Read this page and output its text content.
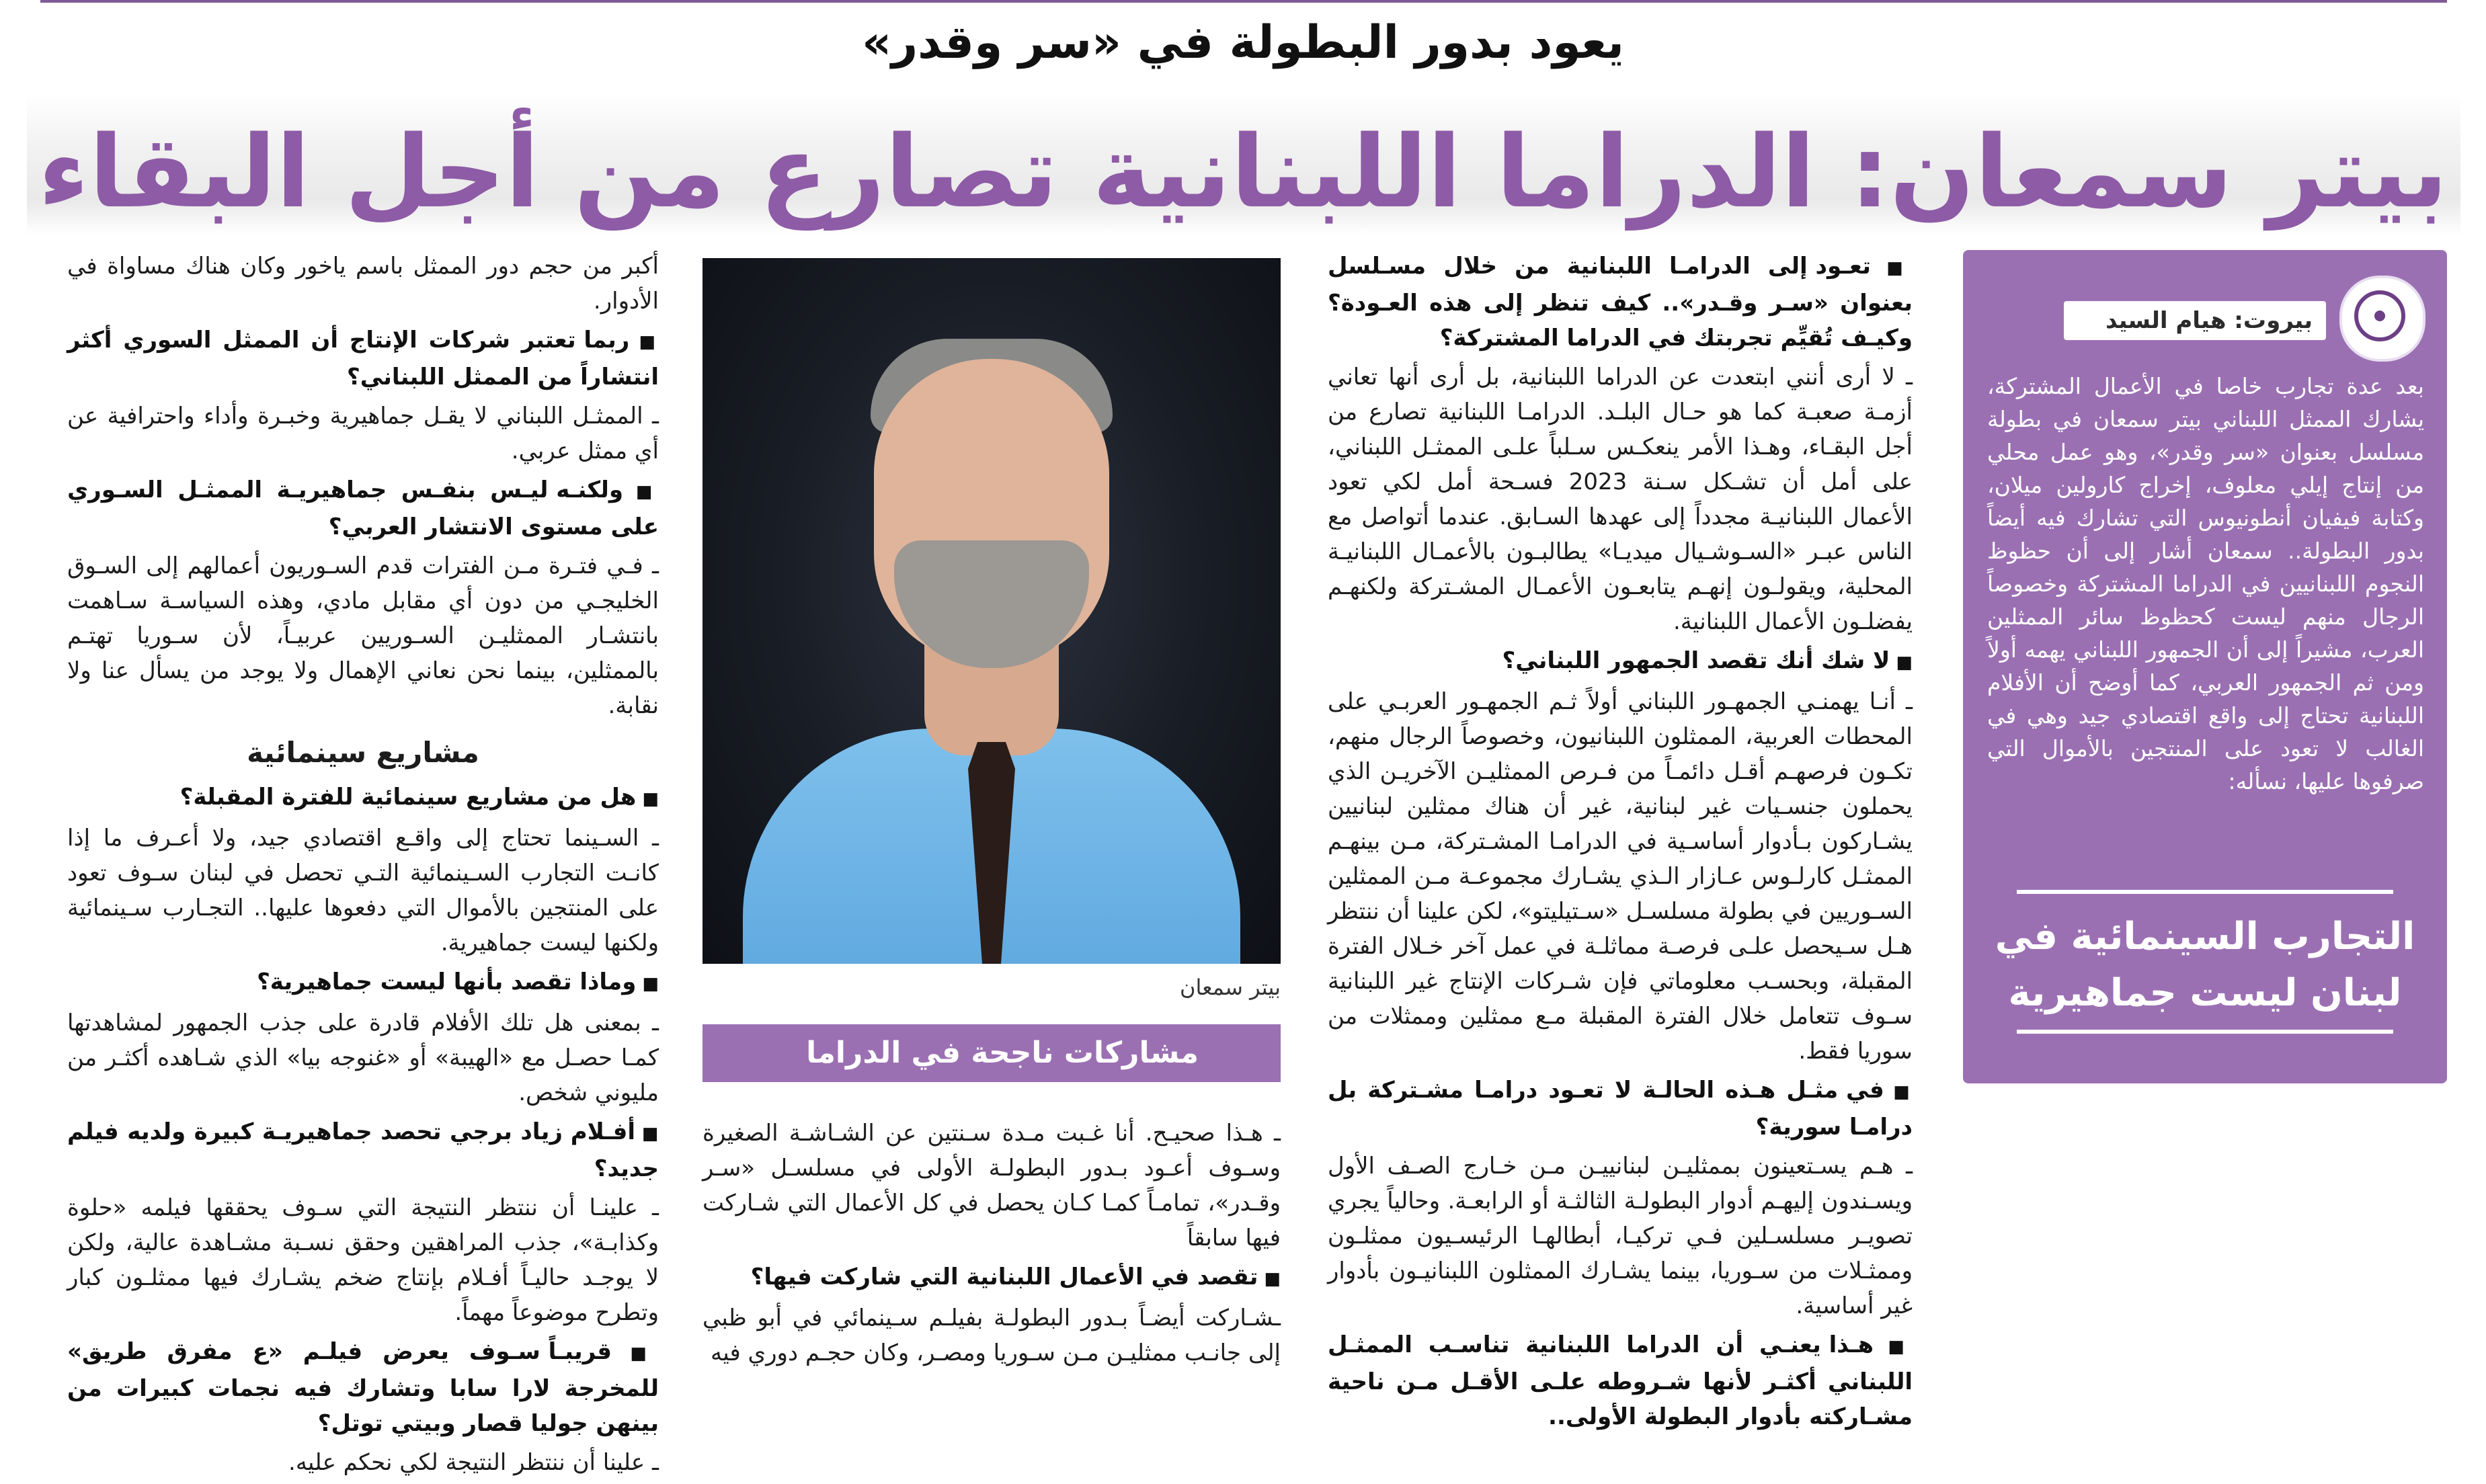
يعود بدور البطولة في «سر وقدر»
بيتر سمعان: الدراما اللبنانية تصارع من أجل البقاء
بيروت: هيام السيد
بعد عدة تجارب خاصا في الأعمال المشتركة، يشارك الممثل اللبناني بيتر سمعان في بطولة مسلسل بعنوان «سر وقدر»، وهو عمل محلي من إنتاج إيلي معلوف، إخراج كارولين ميلان، وكتابة فيفيان أنطونيوس التي تشارك فيه أيضاً بدور البطولة.. سمعان أشار إلى أن حظوظ النجوم اللبنانيين في الدراما المشتركة وخصوصاً الرجال منهم ليست كحظوظ سائر الممثلين العرب، مشيراً إلى أن الجمهور اللبناني يهمه أولاً ومن ثم الجمهور العربي، كما أوضح أن الأفلام اللبنانية تحتاج إلى واقع اقتصادي جيد وهي في الغالب لا تعود على المنتجين بالأموال التي صرفوها عليها، نسأله:
التجارب السينمائية في لبنان ليست جماهيرية

■ تعـود إلى الدرامـا اللبنانية من خلال مسـلسل بعنوان «سـر وقـدر».. كيف تنظر إلى هذه العـودة؟ وكيـف تُقيِّم تجربتك في الدراما المشتركة؟

ـ لا أرى أنني ابتعدت عن الدراما اللبنانية، بل أرى أنها تعاني أزمـة صعبـة كما هو حـال البلـد. الدرامـا اللبنانية تصارع من أجل البقـاء، وهـذا الأمر ينعكـس سـلباً علـى الممثـل اللبناني، على أمل أن تشـكل سـنة 2023 فسـحة أمل لكي تعود الأعمال اللبنانيـة مجدداً إلى عهدها السـابق. عندما أتواصل مع الناس عبـر «السـوشـيال ميديـا» يطالبـون بالأعمـال اللبنانيـة المحلية، ويقولـون إنهـم يتابعـون الأعمـال المشـتركة ولكنهـم يفضلـون الأعمال اللبنانية.

■ لا شك أنك تقصد الجمهور اللبناني؟

ـ أنـا يهمنـي الجمهـور اللبناني أولاً ثـم الجمهـور العربـي على المحطات العربية، الممثلون اللبنانيون، وخصوصاً الرجال منهم، تكـون فرصهـم أقـل دائمـاً من فـرص الممثليـن الآخريـن الذي يحملون جنسـيات غير لبنانية، غير أن هناك ممثلين لبنانيين يشـاركون بـأدوار أساسـية في الدرامـا المشـتركة، مـن بينهـم الممثـل كارلـوس عـازار الـذي يشـارك مجموعـة مـن الممثلين السـوريين في بطولة مسلسـل «سـتيليتو»، لكن علينا أن ننتظر هـل سـيحصل علـى فرصـة مماثلـة في عمل آخر خـلال الفترة المقبلة، وبحسـب معلوماتي فإن شـركات الإنتاج غير اللبنانية سـوف تتعامل خلال الفترة المقبلة مـع ممثلين وممثلات من سوريا فقط.

■ في مثـل هـذه الحالـة لا تعـود درامـا مشـتركة بل درامـا سورية؟

ـ هـم يسـتعينون بممثليـن لبنانييـن مـن خـارج الصـف الأول ويسـندون إليهـم أدوار البطولـة الثالثـة أو الرابعـة. وحالياً يجري تصويـر مسلسـلين فـي تركيـا، أبطالهـا الرئيسـيون ممثلـون وممثـلات من سـوريا، بينما يشـارك الممثلون اللبنانيـون بأدوار غير أساسية.

■ هـذا يعنـي أن الدراما اللبنانية تناسـب الممثـل اللبناني أكثـر لأنها شـروطه علـى الأقـل مـن ناحية مشـاركته بأدوار البطولة الأولى..

بيتر سمعان
مشاركات ناجحة في الدراما المشتركة
❞

ـ هـذا صحيـح. أنا غـبت مـدة سـنتين عن الشـاشـة الصغيرة وسـوف أعـود بـدور البطولـة الأولى في مسلسـل «سـر وقـدر»، تمامـاً كمـا كـان يحصل في كل الأعمال التي شـاركت فيها سابقاً

■ تقصد في الأعمال اللبنانية التي شاركت فيها؟

ـشـاركت أيضـاً بـدور البطولـة بفيلـم سـينمائي في أبو ظبي إلى جانـب ممثليـن مـن سـوريا ومصـر، وكان حجـم دوري فيه

أكبر من حجم دور الممثل باسم ياخور وكان هناك مساواة في الأدوار.

■ ربما تعتبر شركات الإنتاج أن الممثل السوري أكثر انتشاراً من الممثل اللبناني؟

ـ الممثـل اللبناني لا يقـل جماهيرية وخبـرة وأداء واحترافية عن أي ممثل عربي.

■ ولكنـه ليـس بنفـس جماهيريـة الممثـل السـوري على مستوى الانتشار العربي؟

ـ فـي فتـرة مـن الفترات قدم السـوريون أعمالهم إلى السـوق الخليجـي من دون أي مقابل مادي، وهذه السياسـة سـاهمت بانتشـار الممثليـن السـوريين عربيـاً، لأن سـوريا تهتـم بالممثلين، بينما نحن نعاني الإهمال ولا يوجد من يسأل عنا ولا نقابة.

مشاريع سينمائية

■ هل من مشاريع سينمائية للفترة المقبلة؟

ـ السـينما تحتاج إلى واقـع اقتصادي جيد، ولا أعـرف ما إذا كانـت التجارب السـينمائية التـي تحصل في لبنان سـوف تعود على المنتجين بالأموال التي دفعوها عليها.. التجـارب سـينمائية ولكنها ليست جماهيرية.

■ وماذا تقصد بأنها ليست جماهيرية؟

ـ بمعنى هل تلك الأفلام قادرة على جذب الجمهور لمشاهدتها كمـا حصـل مع «الهيبة» أو «غنوجه بيا» الذي شـاهده أكثـر من مليوني شخص.

■ أفـلام زياد برجي تحصد جماهيريـة كبيرة ولديه فيلم جديد؟

ـ علينـا أن ننتظر النتيجة التي سـوف يحققها فيلمه «حلوة وكذابـة»، جذب المراهقين وحقق نسـبة مشـاهدة عالية، ولكن لا يوجـد حاليـاً أفـلام بإنتاج ضخم يشـارك فيها ممثلـون كبار وتطرح موضوعاً مهماً.

■ قريبـاً سـوف يعرض فيلـم «ع مفرق طريق» للمخرجة لارا سابا وتشارك فيه نجمات كبيرات من بينهن جوليا قصار وبيتي توتل؟

ـ علينا أن ننتظر النتيجة لكي نحكم عليه.
